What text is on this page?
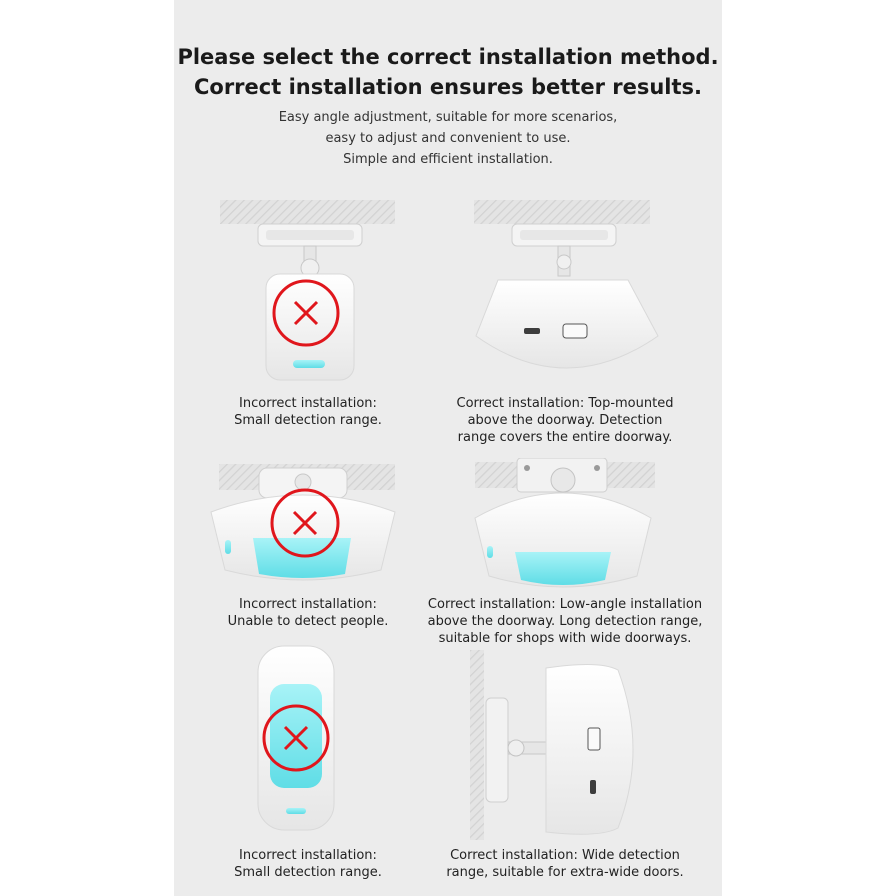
Please select the correct installation method.
Correct installation ensures better results.
Easy angle adjustment, suitable for more scenarios,
easy to adjust and convenient to use.
Simple and efficient installation.
Incorrect installation:
Small detection range.
Correct installation: Top-mounted
above the doorway. Detection
range covers the entire doorway.
Incorrect installation:
Unable to detect people.
Correct installation: Low-angle installation
above the doorway. Long detection range,
suitable for shops with wide doorways.
Incorrect installation:
Small detection range.
Correct installation: Wide detection
range, suitable for extra-wide doors.
